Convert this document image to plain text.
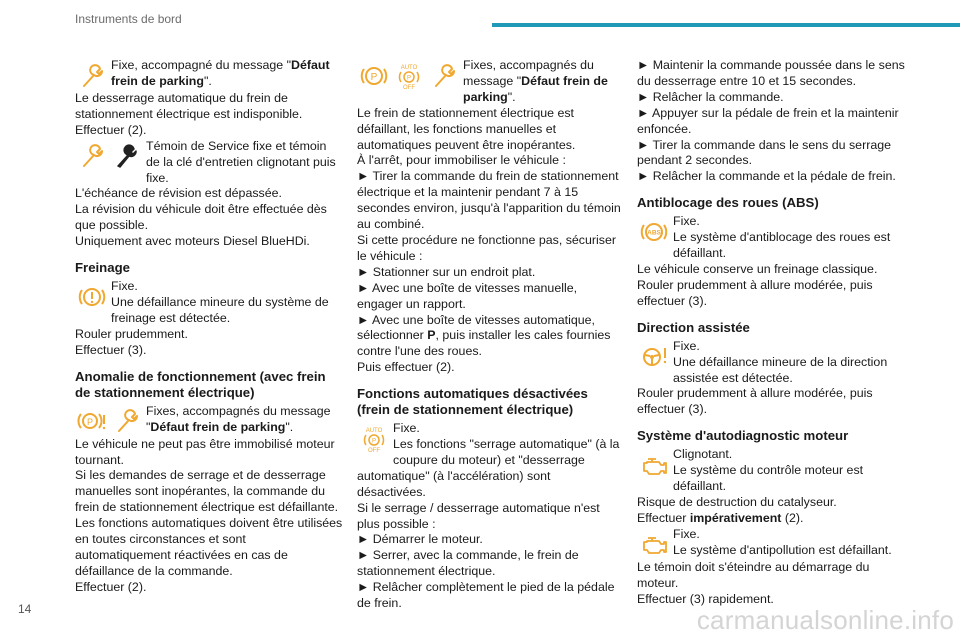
Instruments de bord
Fixe, accompagné du message "Défaut frein de parking".

Le desserrage automatique du frein de stationnement électrique est indisponible.

Effectuer (2).

Témoin de Service fixe et témoin de la clé d'entretien clignotant puis fixe.

L'échéance de révision est dépassée.

La révision du véhicule doit être effectuée dès que possible.

Uniquement avec moteurs Diesel BlueHDi.

Freinage
Fixe.
Une défaillance mineure du système de freinage est détectée.

Rouler prudemment.

Effectuer (3).

Anomalie de fonctionnement (avec frein de stationnement électrique)
P
Fixes, accompagnés du message "Défaut frein de parking".

Le véhicule ne peut pas être immobilisé moteur tournant.

Si les demandes de serrage et de desserrage manuelles sont inopérantes, la commande du frein de stationnement électrique est défaillante.

Les fonctions automatiques doivent être utilisées en toutes circonstances et sont automatiquement réactivées en cas de défaillance de la commande.

Effectuer (2).

P
AUTO
P
OFF
Fixes, accompagnés du message "Défaut frein de parking".

Le frein de stationnement électrique est défaillant, les fonctions manuelles et automatiques peuvent être inopérantes.

À l'arrêt, pour immobiliser le véhicule :

► Tirer la commande du frein de stationnement électrique et la maintenir pendant 7 à 15 secondes environ, jusqu'à l'apparition du témoin au combiné.

Si cette procédure ne fonctionne pas, sécuriser le véhicule :

► Stationner sur un endroit plat.

► Avec une boîte de vitesses manuelle, engager un rapport.

► Avec une boîte de vitesses automatique, sélectionner P, puis installer les cales fournies contre l'une des roues.

Puis effectuer (2).

Fonctions automatiques désactivées (frein de stationnement électrique)
AUTO
P
OFF
Fixe.
Les fonctions "serrage automatique" (à la coupure du moteur) et "desserrage automatique" (à l'accélération) sont désactivées.

Si le serrage / desserrage automatique n'est plus possible :

► Démarrer le moteur.

► Serrer, avec la commande, le frein de stationnement électrique.

► Relâcher complètement le pied de la pédale de frein.

► Maintenir la commande poussée dans le sens du desserrage entre 10 et 15 secondes.

► Relâcher la commande.

► Appuyer sur la pédale de frein et la maintenir enfoncée.

► Tirer la commande dans le sens du serrage pendant 2 secondes.

► Relâcher la commande et la pédale de frein.

Antiblocage des roues (ABS)
ABS
Fixe.
Le système d'antiblocage des roues est défaillant.

Le véhicule conserve un freinage classique.

Rouler prudemment à allure modérée, puis effectuer (3).

Direction assistée
Fixe.
Une défaillance mineure de la direction assistée est détectée.

Rouler prudemment à allure modérée, puis effectuer (3).

Système d'autodiagnostic moteur
Clignotant.
Le système du contrôle moteur est défaillant.

Risque de destruction du catalyseur.

Effectuer impérativement (2).

Fixe.
Le système d'antipollution est défaillant.

Le témoin doit s'éteindre au démarrage du moteur.

Effectuer (3) rapidement.

14	carmanualsonline.info
